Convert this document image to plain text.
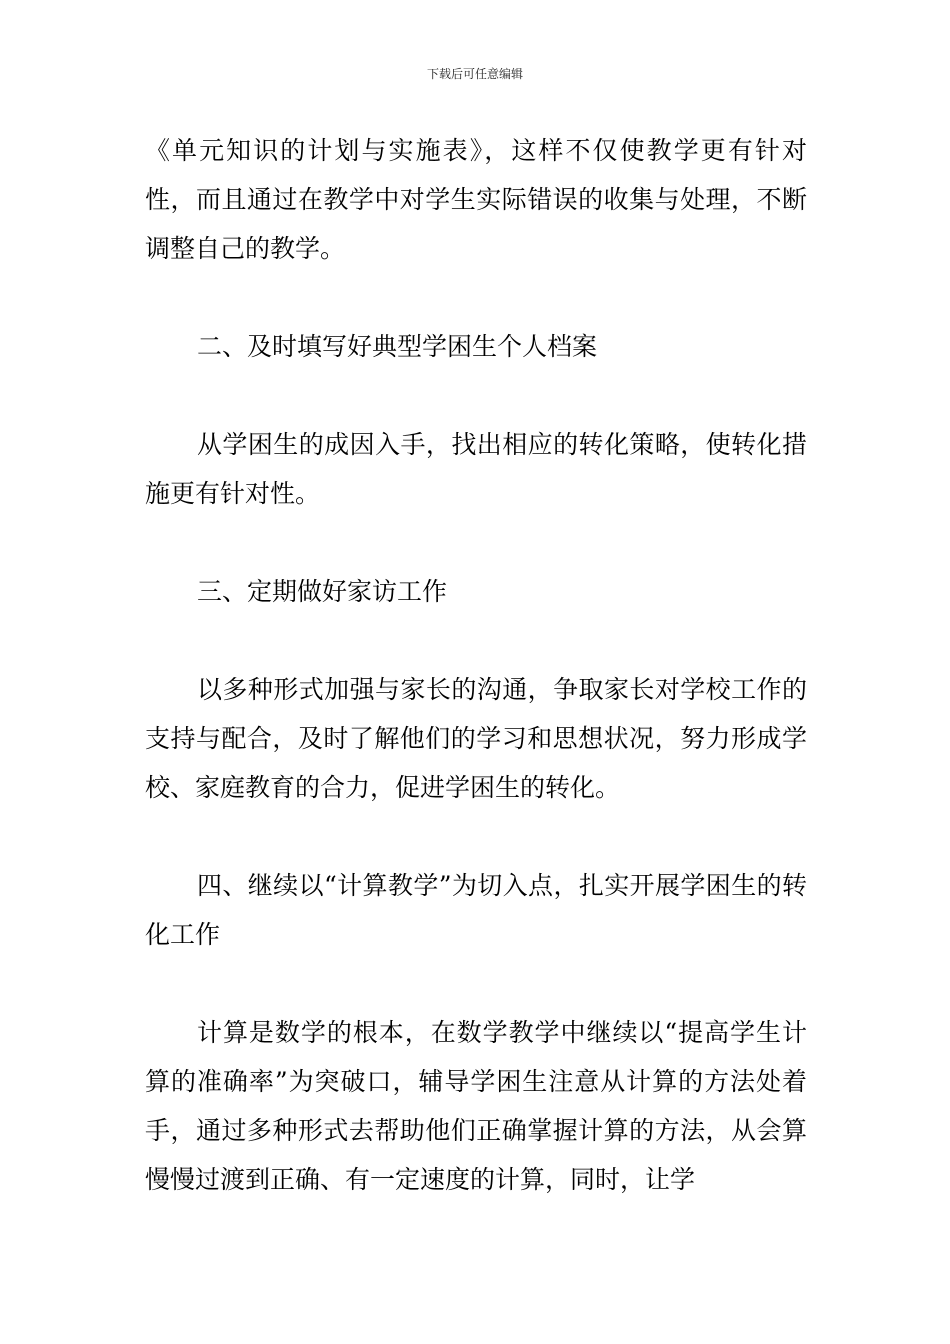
下载后可任意编辑

《单元知识的计划与实施表》，这样不仅使教学更有针对性，而且通过在教学中对学生实际错误的收集与处理，不断调整自己的教学。

二、及时填写好典型学困生个人档案

从学困生的成因入手，找出相应的转化策略，使转化措施更有针对性。

三、定期做好家访工作

以多种形式加强与家长的沟通，争取家长对学校工作的支持与配合，及时了解他们的学习和思想状况，努力形成学校、家庭教育的合力，促进学困生的转化。

四、继续以“计算教学”为切入点，扎实开展学困生的转化工作

计算是数学的根本，在数学教学中继续以“提高学生计算的准确率”为突破口，辅导学困生注意从计算的方法处着手，通过多种形式去帮助他们正确掌握计算的方法，从会算慢慢过渡到正确、有一定速度的计算，同时，让学
